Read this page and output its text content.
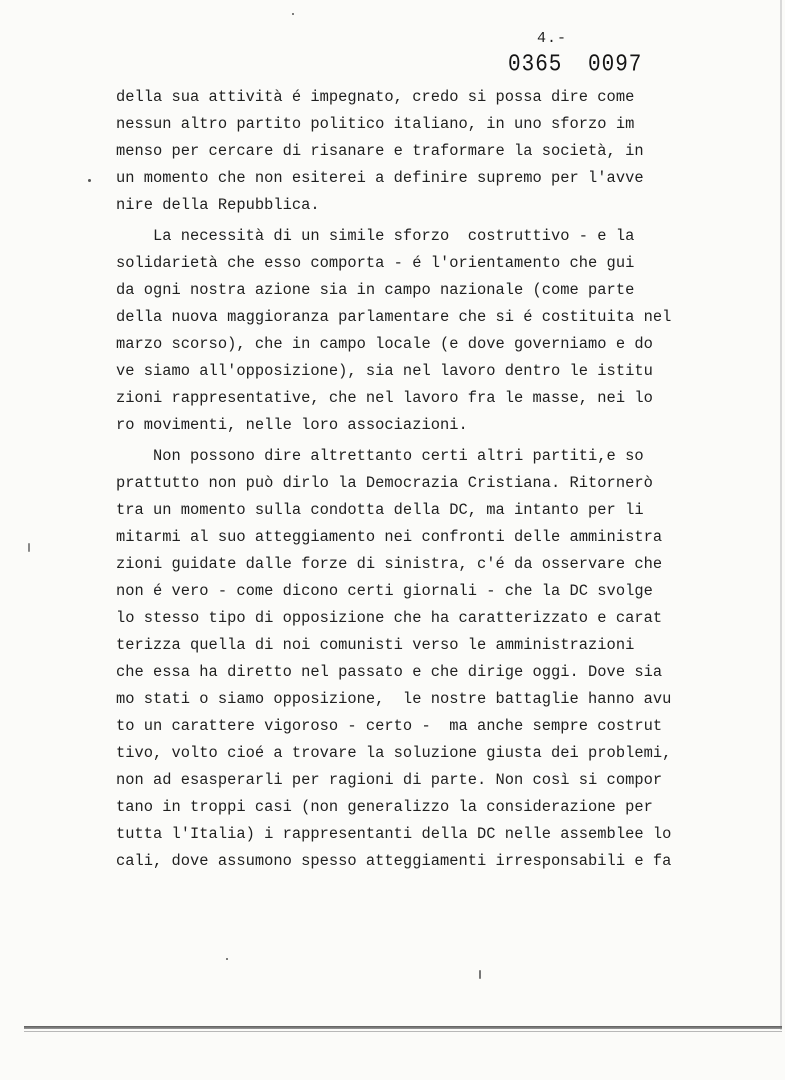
4.-
0365 0097
della sua attività é impegnato, credo si possa dire come
nessun altro partito politico italiano, in uno sforzo im
menso per cercare di risanare e traformare la società, in
un momento che non esiterei a definire supremo per l'avve
nire della Repubblica.
La necessità di un simile sforzo  costruttivo - e la
solidarietà che esso comporta - é l'orientamento che gui
da ogni nostra azione sia in campo nazionale (come parte
della nuova maggioranza parlamentare che si é costituita nel
marzo scorso), che in campo locale (e dove governiamo e do
ve siamo all'opposizione), sia nel lavoro dentro le istitu
zioni rappresentative, che nel lavoro fra le masse, nei lo
ro movimenti, nelle loro associazioni.
Non possono dire altrettanto certi altri partiti,e so
prattutto non può dirlo la Democrazia Cristiana. Ritornerò
tra un momento sulla condotta della DC, ma intanto per li
mitarmi al suo atteggiamento nei confronti delle amministra
zioni guidate dalle forze di sinistra, c'é da osservare che
non é vero - come dicono certi giornali - che la DC svolge
lo stesso tipo di opposizione che ha caratterizzato e carat
terizza quella di noi comunisti verso le amministrazioni
che essa ha diretto nel passato e che dirige oggi. Dove sia
mo stati o siamo opposizione,  le nostre battaglie hanno avu
to un carattere vigoroso - certo -  ma anche sempre costrut
tivo, volto cioé a trovare la soluzione giusta dei problemi,
non ad esasperarli per ragioni di parte. Non così si compor
tano in troppi casi (non generalizzo la considerazione per
tutta l'Italia) i rappresentanti della DC nelle assemblee lo
cali, dove assumono spesso atteggiamenti irresponsabili e fa
